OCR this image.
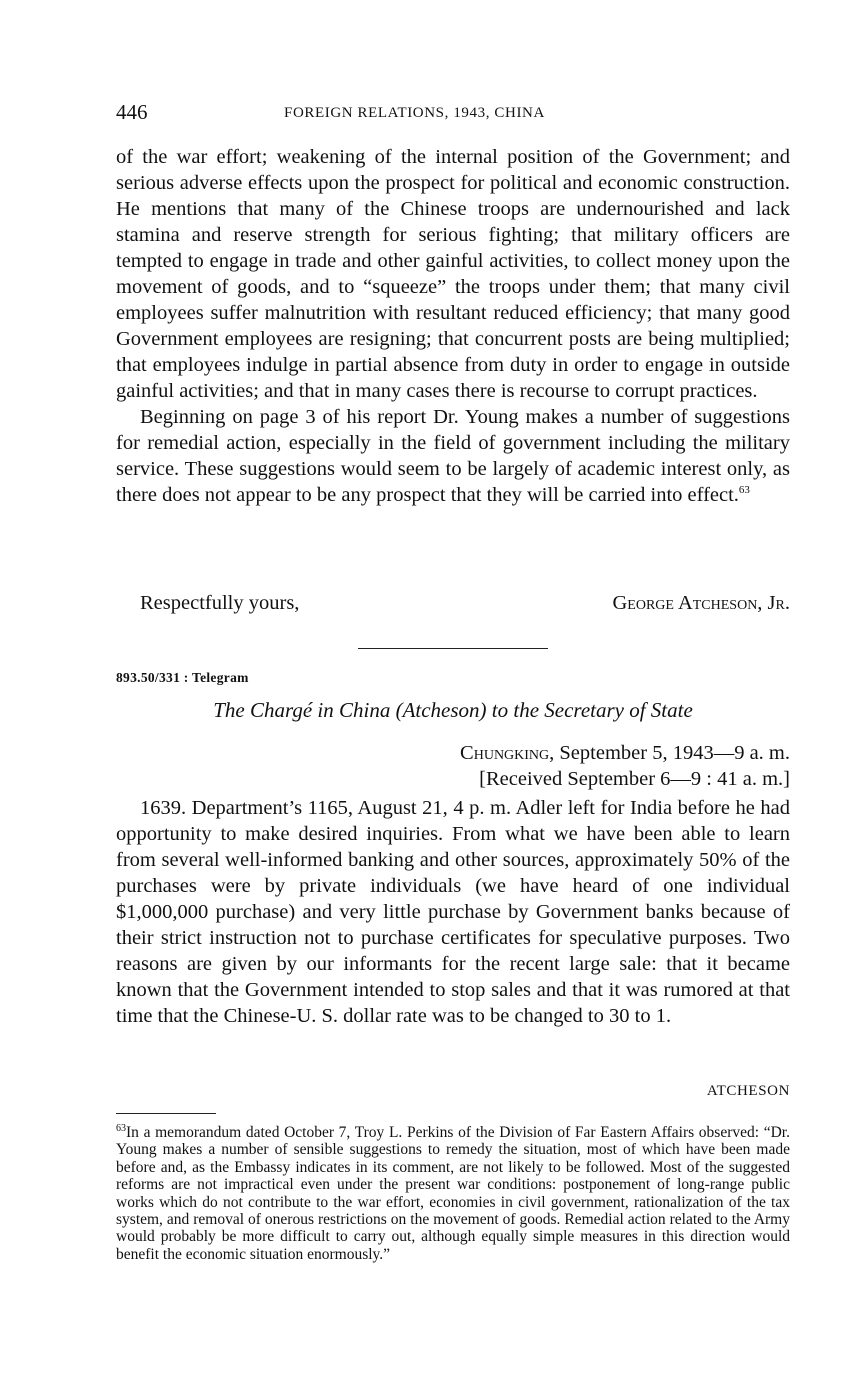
446	FOREIGN RELATIONS, 1943, CHINA

of the war effort; weakening of the internal position of the Government; and serious adverse effects upon the prospect for political and economic construction. He mentions that many of the Chinese troops are undernourished and lack stamina and reserve strength for serious fighting; that military officers are tempted to engage in trade and other gainful activities, to collect money upon the movement of goods, and to “squeeze” the troops under them; that many civil employees suffer malnutrition with resultant reduced efficiency; that many good Government employees are resigning; that concurrent posts are being multiplied; that employees indulge in partial absence from duty in order to engage in outside gainful activities; and that in many cases there is recourse to corrupt practices.

Beginning on page 3 of his report Dr. Young makes a number of suggestions for remedial action, especially in the field of government including the military service. These suggestions would seem to be largely of academic interest only, as there does not appear to be any prospect that they will be carried into effect.$^{63}$

Respectfully yours,	George Atcheson, Jr.
893.50/331 : Telegram
The Chargé in China (Atcheson) to the Secretary of State
Chungking, September 5, 1943—9 a. m.
[Received September 6—9 : 41 a. m.]

1639. Department’s 1165, August 21, 4 p. m. Adler left for India before he had opportunity to make desired inquiries. From what we have been able to learn from several well-informed banking and other sources, approximately 50% of the purchases were by private individuals (we have heard of one individual $1,000,000 purchase) and very little purchase by Government banks because of their strict instruction not to purchase certificates for speculative purposes. Two reasons are given by our informants for the recent large sale: that it became known that the Government intended to stop sales and that it was rumored at that time that the Chinese-U. S. dollar rate was to be changed to 30 to 1.

ATCHESON
$^{63}$In a memorandum dated October 7, Troy L. Perkins of the Division of Far Eastern Affairs observed: “Dr. Young makes a number of sensible suggestions to remedy the situation, most of which have been made before and, as the Embassy indicates in its comment, are not likely to be followed. Most of the suggested reforms are not impractical even under the present war conditions: postponement of long-range public works which do not contribute to the war effort, economies in civil government, rationalization of the tax system, and removal of onerous restrictions on the movement of goods. Remedial action related to the Army would probably be more difficult to carry out, although equally simple measures in this direction would benefit the economic situation enormously.”
